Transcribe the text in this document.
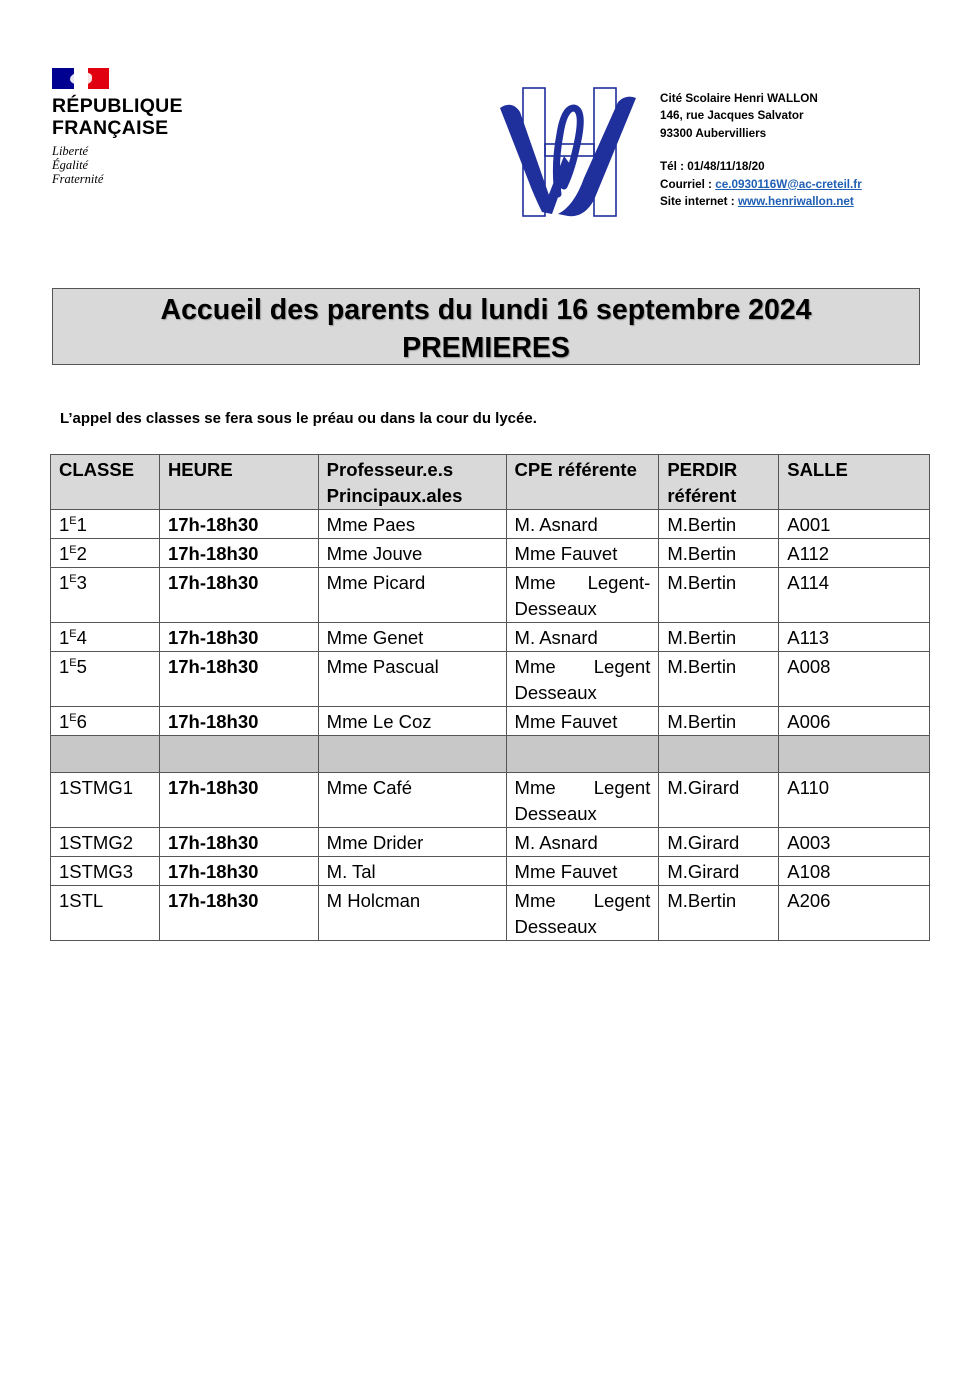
RÉPUBLIQUE
FRANÇAISE
Liberté
Égalité
Fraternité
Cité Scolaire Henri WALLON
146, rue Jacques Salvator
93300 Aubervilliers
Tél : 01/48/11/18/20
Courriel : ce.0930116W@ac-creteil.fr
Site internet : www.henriwallon.net
Accueil des parents du lundi 16 septembre 2024
PREMIERES
L’appel des classes se fera sous le préau ou dans la cour du lycée.
CLASSE	HEURE	Professeur.e.s Principaux.ales	CPE référente	PERDIR référent	SALLE
$1^E1$	17h-18h30	Mme Paes	M. Asnard	M.Bertin	A001
$1^E2$	17h-18h30	Mme Jouve	Mme Fauvet	M.Bertin	A112
$1^E3$	17h-18h30	Mme Picard	Mme Legent-Desseaux	M.Bertin	A114
$1^E4$	17h-18h30	Mme Genet	M. Asnard	M.Bertin	A113
$1^E5$	17h-18h30	Mme Pascual	Mme Legent Desseaux	M.Bertin	A008
$1^E6$	17h-18h30	Mme Le Coz	Mme Fauvet	M.Bertin	A006

1STMG1	17h-18h30	Mme Café	Mme Legent Desseaux	M.Girard	A110
1STMG2	17h-18h30	Mme Drider	M. Asnard	M.Girard	A003
1STMG3	17h-18h30	M. Tal	Mme Fauvet	M.Girard	A108
1STL	17h-18h30	M Holcman	Mme Legent Desseaux	M.Bertin	A206
